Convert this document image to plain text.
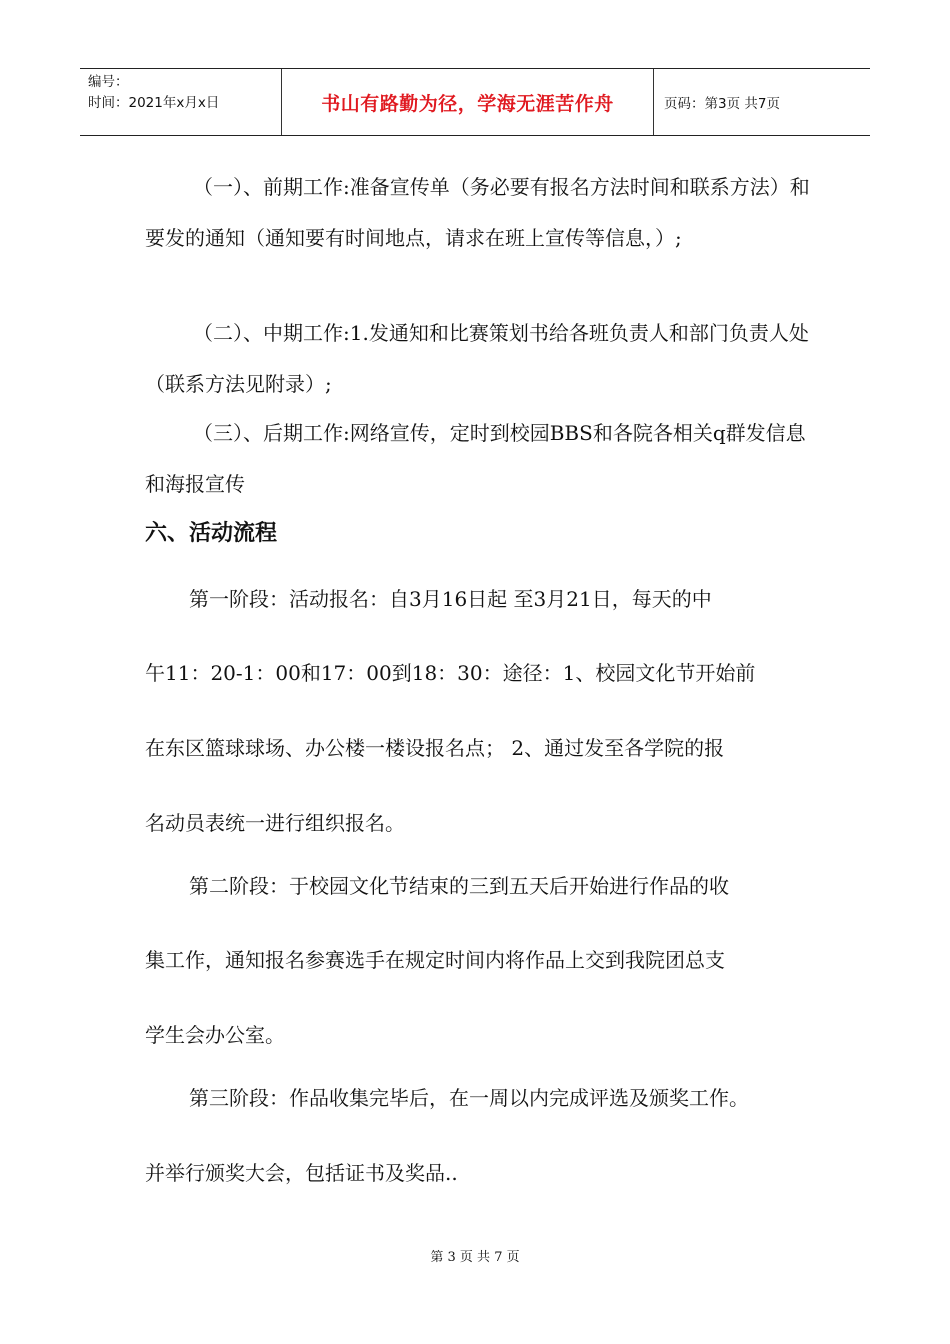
编号：
时间：2021年x月x日	书山有路勤为径，学海无涯苦作舟	页码：第3页 共7页

（一）、前期工作:准备宣传单（务必要有报名方法时间和联系方法）和要发的通知（通知要有时间地点，请求在班上宣传等信息，）;

（二）、中期工作:1.发通知和比赛策划书给各班负责人和部门负责人处（联系方法见附录）;

（三）、后期工作:网络宣传，定时到校园BBS和各院各相关q群发信息和海报宣传

六、活动流程

第一阶段：活动报名：自3月16日起 至3月21日，每天的中

午11：20-1：00和17：00到18：30：途径：1、校园文化节开始前

在东区篮球球场、办公楼一楼设报名点； 2、通过发至各学院的报

名动员表统一进行组织报名。

第二阶段：于校园文化节结束的三到五天后开始进行作品的收

集工作，通知报名参赛选手在规定时间内将作品上交到我院团总支

学生会办公室。

第三阶段：作品收集完毕后，在一周以内完成评选及颁奖工作。

并举行颁奖大会，包括证书及奖品..

第 3 页 共 7 页
